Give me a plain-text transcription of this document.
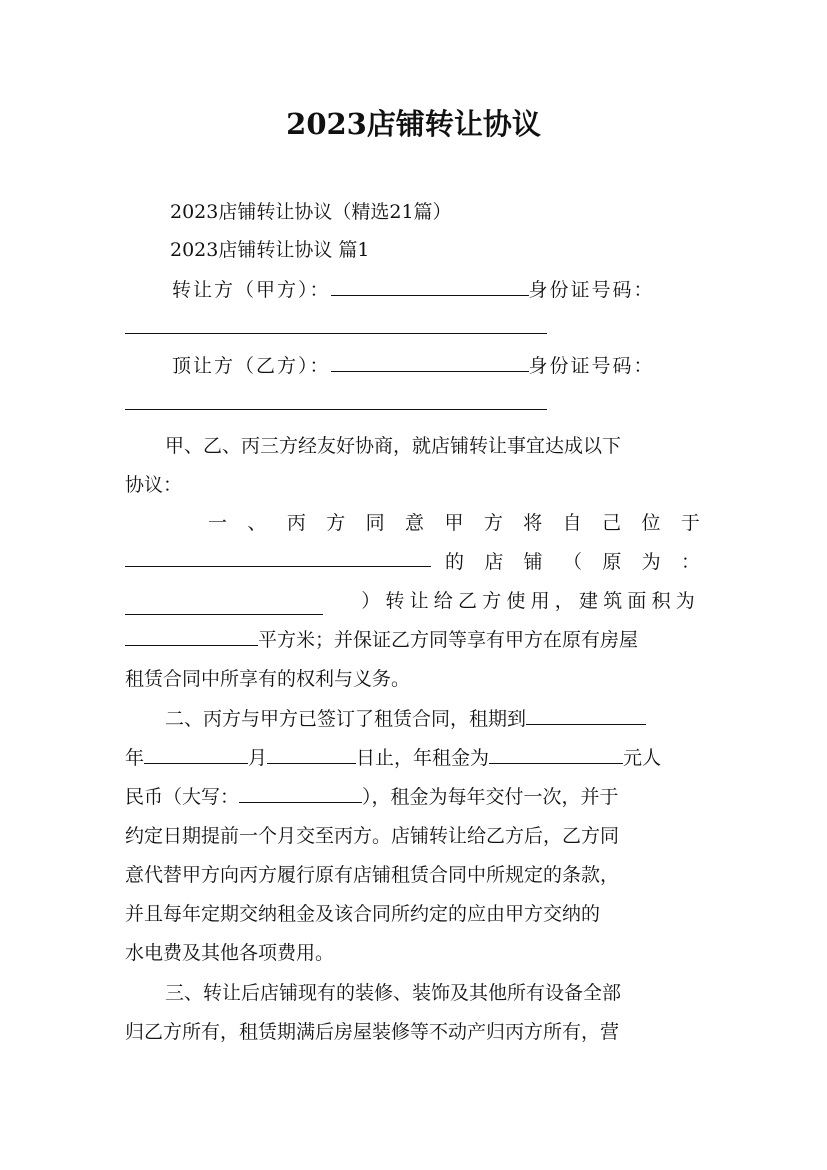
2023店铺转让协议
2023店铺转让协议（精选21篇）
2023店铺转让协议 篇1
转让方（甲方）：	身份证号码：
顶让方（乙方）：	身份证号码：
甲、乙、丙三方经友好协商，就店铺转让事宜达成以下
协议：
一 、 丙 方 同 意 甲 方 将 自 己 位 于
的 店 铺 （ 原 为 ：
）转让给乙方使用，建筑面积为
平方米；并保证乙方同等享有甲方在原有房屋
租赁合同中所享有的权利与义务。
二、丙方与甲方已签订了租赁合同，租期到
年	月	日止，年租金为	元人
民币（大写：	），租金为每年交付一次，并于
约定日期提前一个月交至丙方。店铺转让给乙方后，乙方同
意代替甲方向丙方履行原有店铺租赁合同中所规定的条款，
并且每年定期交纳租金及该合同所约定的应由甲方交纳的
水电费及其他各项费用。
三、转让后店铺现有的装修、装饰及其他所有设备全部
归乙方所有，租赁期满后房屋装修等不动产归丙方所有，营
